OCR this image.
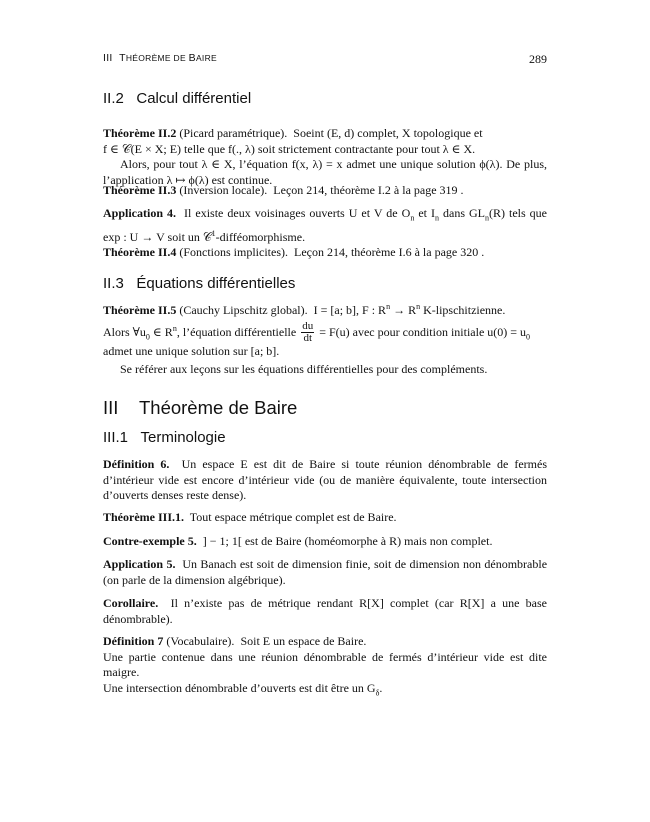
III THÉORÈME DE BAIRE	289
II.2 Calcul différentiel

Théorème II.2 (Picard paramétrique). Soeint (E, d) complet, X topologique et

f ∈ 𝒞(E × X; E) telle que f(., λ) soit strictement contractante pour tout λ ∈ X.

Alors, pour tout λ ∈ X, l’équation f(x, λ) = x admet une unique solution ϕ(λ). De plus, l’application λ ↦ ϕ(λ) est continue.

Théorème II.3 (Inversion locale). Leçon 214, théorème I.2 à la page 319 .

Application 4. Il existe deux voisinages ouverts U et V de $O_n$ et $I_n$ dans $GL_n(R)$ tels que exp : U → V soit un 𝒞$^1$-difféomorphisme.

Théorème II.4 (Fonctions implicites). Leçon 214, théorème I.6 à la page 320 .

II.3 Équations différentielles

Théorème II.5 (Cauchy Lipschitz global). I = [a; b], F : $R^n \to R^n$ K-lipschitzienne.

Alors $\forall u_0$ ∈ $R^n$, l’équation différentielle $\frac{du}{dt} = F(u)$ avec pour condition initiale $u(0) = u_0$

admet une unique solution sur [a; b].

Se référer aux leçons sur les équations différentielles pour des compléments.

III Théorème de Baire
III.1 Terminologie

Définition 6. Un espace E est dit de Baire si toute réunion dénombrable de fermés d’intérieur vide est encore d’intérieur vide (ou de manière équivalente, toute intersection d’ouverts denses reste dense).

Théorème III.1. Tout espace métrique complet est de Baire.

Contre-exemple 5. ] − 1; 1[ est de Baire (homéomorphe à R) mais non complet.

Application 5. Un Banach est soit de dimension finie, soit de dimension non dénombrable (on parle de la dimension algébrique).

Corollaire. Il n’existe pas de métrique rendant R[X] complet (car R[X] a une base dénombrable).

Définition 7 (Vocabulaire). Soit E un espace de Baire.

Une partie contenue dans une réunion dénombrable de fermés d’intérieur vide est dite maigre.

Une intersection dénombrable d’ouverts est dit être un $G_\delta$.
